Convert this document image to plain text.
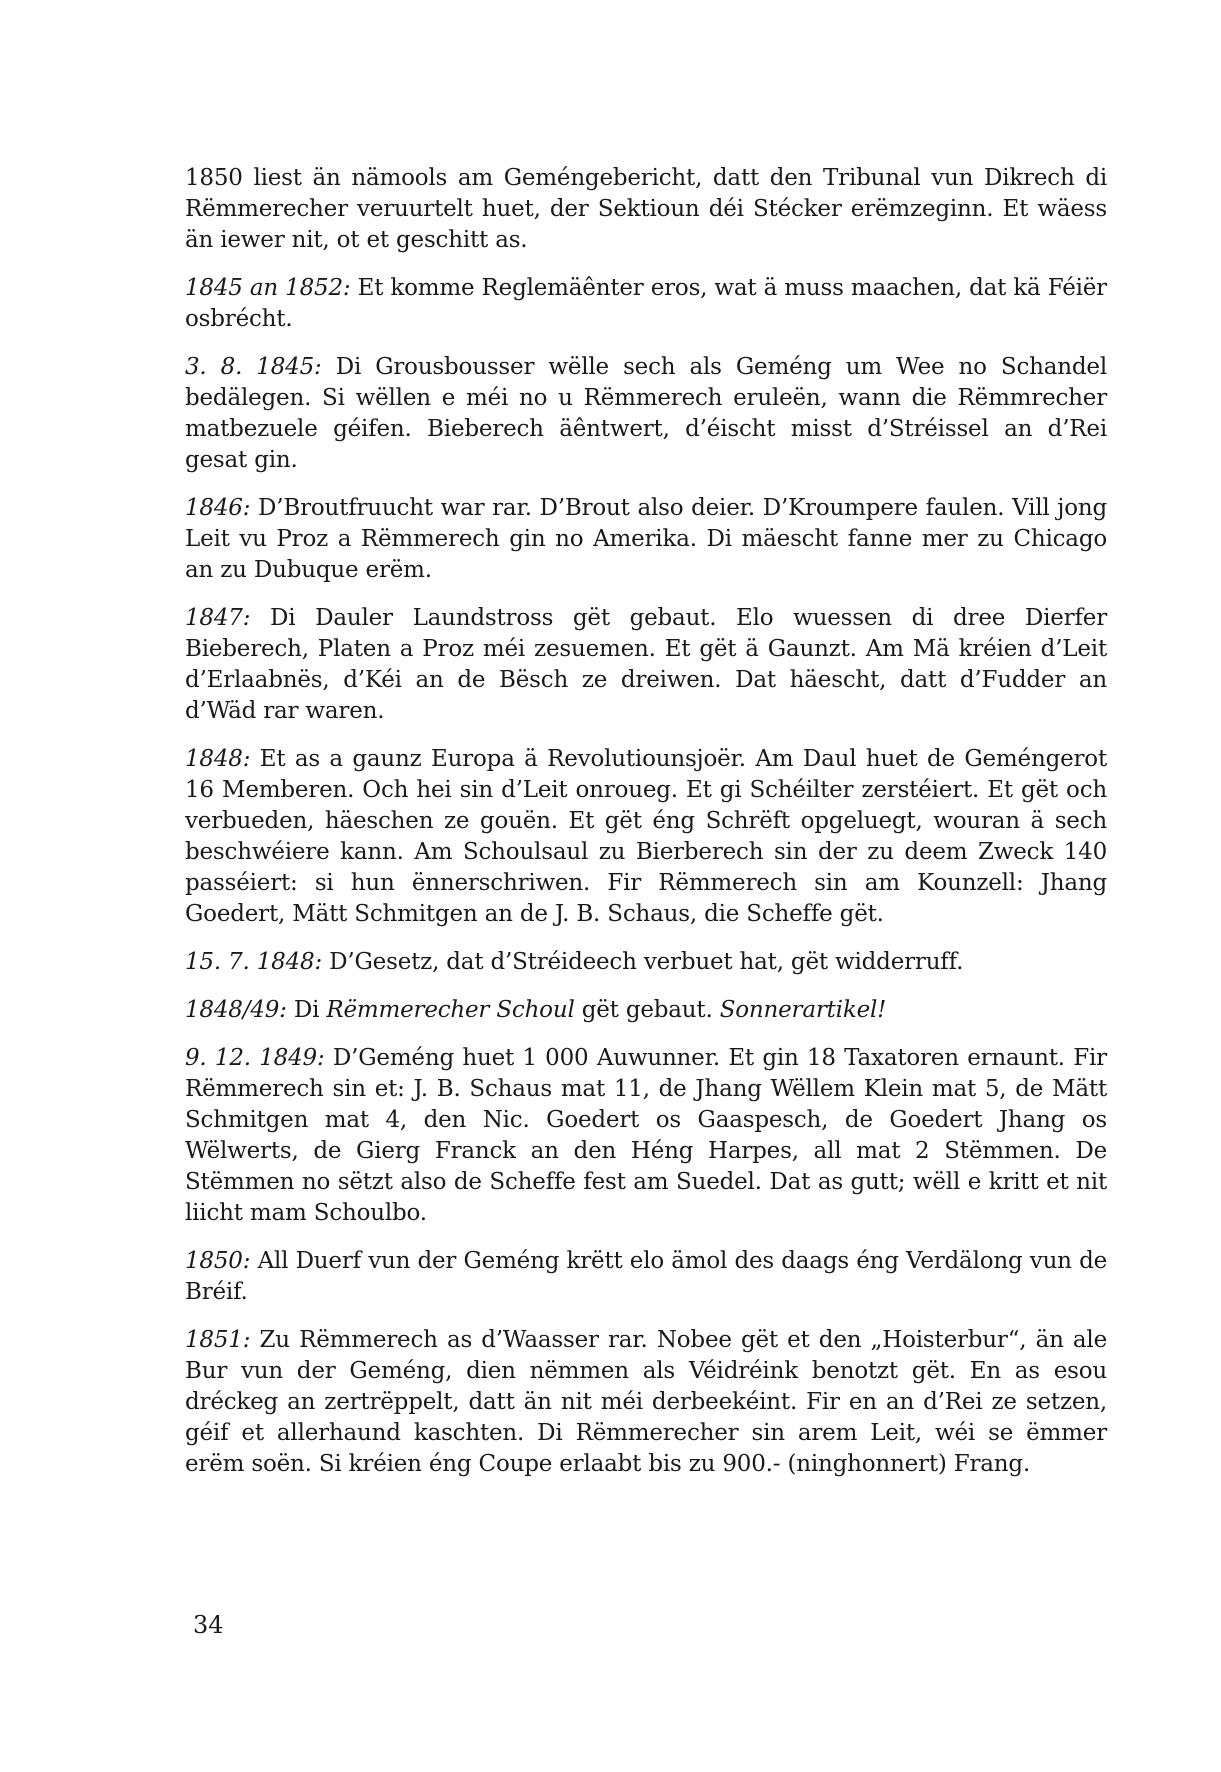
1850 liest än nämools am Geméngebericht, datt den Tribunal vun Dikrech di Rëmmerecher veruurtelt huet, der Sektioun déi Stécker erëmzeginn. Et wäess än iewer nit, ot et geschitt as.

1845 an 1852: Et komme Reglemäênter eros, wat ä muss maachen, dat kä Féiër osbrécht.

3. 8. 1845: Di Grousbousser wëlle sech als Geméng um Wee no Schandel bedälegen. Si wëllen e méi no u Rëmmerech eruleën, wann die Rëmmrecher matbezuele géifen. Bieberech äêntwert, d’éischt misst d’Stréissel an d’Rei gesat gin.

1846: D’Broutfruucht war rar. D’Brout also deier. D’Kroumpere faulen. Vill jong Leit vu Proz a Rëmmerech gin no Amerika. Di mäescht fanne mer zu Chicago an zu Dubuque erëm.

1847: Di Dauler Laundstross gët gebaut. Elo wuessen di dree Dierfer Bieberech, Platen a Proz méi zesuemen. Et gët ä Gaunzt. Am Mä kréien d’Leit d’Erlaabnës, d’Kéi an de Bësch ze dreiwen. Dat häescht, datt d’Fudder an d’Wäd rar waren.

1848: Et as a gaunz Europa ä Revolutiounsjoër. Am Daul huet de Geméngerot 16 Memberen. Och hei sin d’Leit onroueg. Et gi Schéilter zerstéiert. Et gët och verbueden, häeschen ze gouën. Et gët éng Schrëft opgeluegt, wouran ä sech beschwéiere kann. Am Schoulsaul zu Bierberech sin der zu deem Zweck 140 passéiert: si hun ënnerschriwen. Fir Rëmmerech sin am Kounzell: Jhang Goedert, Mätt Schmitgen an de J. B. Schaus, die Scheffe gët.

15. 7. 1848: D’Gesetz, dat d’Stréideech verbuet hat, gët widderruff.

1848/49: Di Rëmmerecher Schoul gët gebaut. Sonnerartikel!

9. 12. 1849: D’Geméng huet 1 000 Auwunner. Et gin 18 Taxatoren ernaunt. Fir Rëmmerech sin et: J. B. Schaus mat 11, de Jhang Wëllem Klein mat 5, de Mätt Schmitgen mat 4, den Nic. Goedert os Gaaspesch, de Goedert Jhang os Wëlwerts, de Gierg Franck an den Héng Harpes, all mat 2 Stëmmen. De Stëmmen no sëtzt also de Scheffe fest am Suedel. Dat as gutt; wëll e kritt et nit liicht mam Schoulbo.

1850: All Duerf vun der Geméng krëtt elo ämol des daags éng Verdälong vun de Bréif.

1851: Zu Rëmmerech as d’Waasser rar. Nobee gët et den „Hoisterbur“, än ale Bur vun der Geméng, dien nëmmen als Véidréink benotzt gët. En as esou dréckeg an zertrëppelt, datt än nit méi derbeekéint. Fir en an d’Rei ze setzen, géif et allerhaund kaschten. Di Rëmmerecher sin arem Leit, wéi se ëmmer erëm soën. Si kréien éng Coupe erlaabt bis zu 900.- (ninghonnert) Frang.

34
